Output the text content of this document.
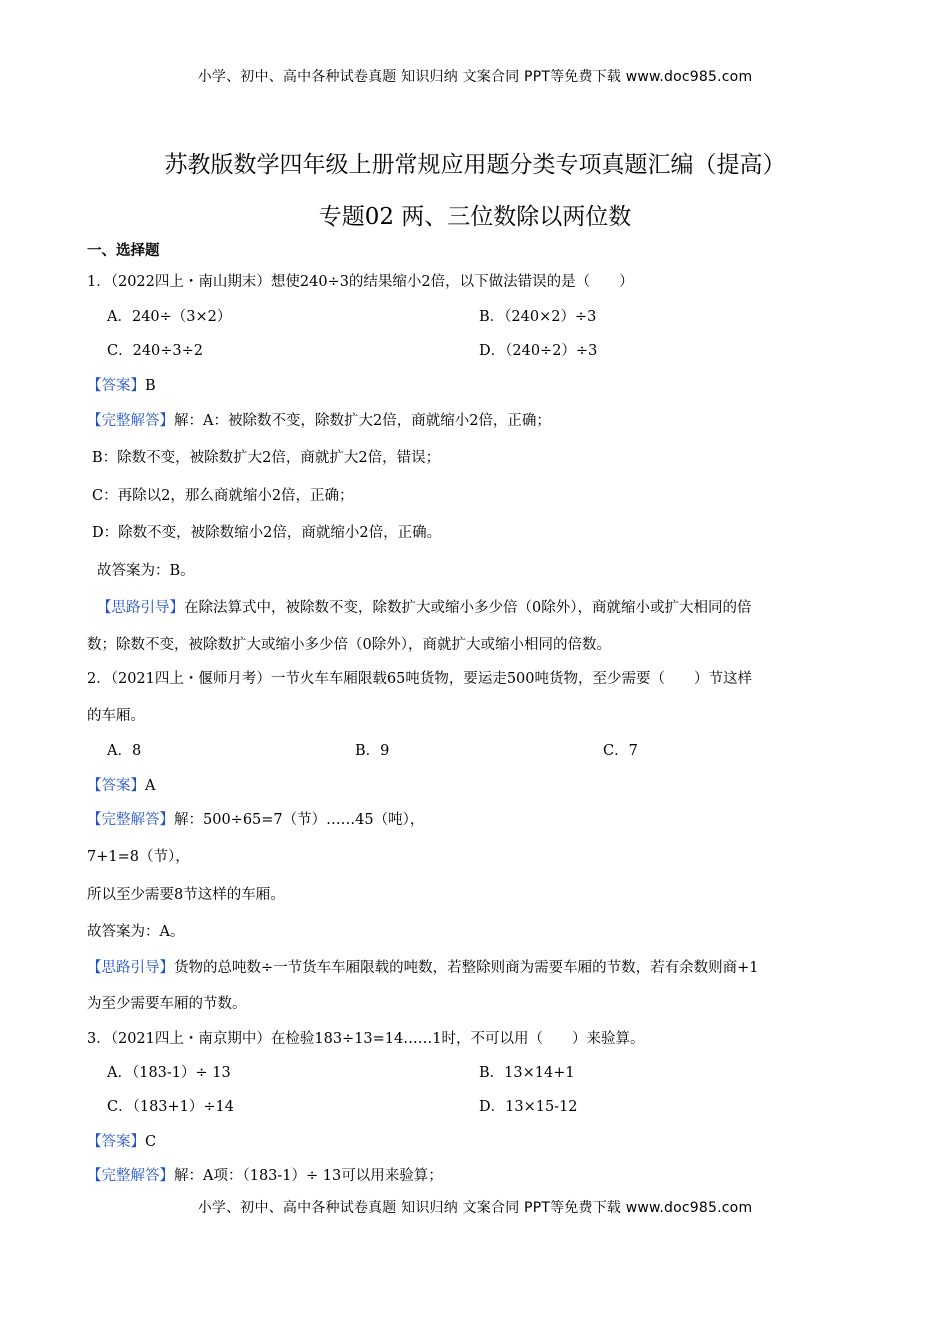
小学、初中、高中各种试卷真题 知识归纳 文案合同 PPT等免费下载 www.doc985.com
苏教版数学四年级上册常规应用题分类专项真题汇编（提高）
专题02 两、三位数除以两位数
一、选择题
1．（2022四上・南山期末）想使240÷3的结果缩小2倍，以下做法错误的是（　　）
A．240÷（3×2）	B．（240×2）÷3
C．240÷3÷2	D．（240÷2）÷3
【答案】B
【完整解答】解：A：被除数不变，除数扩大2倍，商就缩小2倍，正确；
B：除数不变，被除数扩大2倍，商就扩大2倍，错误；
C：再除以2，那么商就缩小2倍，正确；
D：除数不变，被除数缩小2倍，商就缩小2倍，正确。
故答案为：B。
【思路引导】在除法算式中，被除数不变，除数扩大或缩小多少倍（0除外），商就缩小或扩大相同的倍
数；除数不变，被除数扩大或缩小多少倍（0除外），商就扩大或缩小相同的倍数。
2．（2021四上・偃师月考）一节火车车厢限载65吨货物，要运走500吨货物，至少需要（　　）节这样
的车厢。
A．8	B．9	C．7
【答案】A
【完整解答】解：500÷65=7（节）……45（吨），
7+1=8（节），
所以至少需要8节这样的车厢。
故答案为：A。
【思路引导】货物的总吨数÷一节货车车厢限载的吨数，若整除则商为需要车厢的节数，若有余数则商+1
为至少需要车厢的节数。
3．（2021四上・南京期中）在检验183÷13=14……1时，不可以用（　　）来验算。
A．（183-1）÷ 13	B．13×14+1
C．（183+1）÷14	D．13×15-12
【答案】C
【完整解答】解：A项：（183-1）÷ 13可以用来验算；
小学、初中、高中各种试卷真题 知识归纳 文案合同 PPT等免费下载 www.doc985.com
